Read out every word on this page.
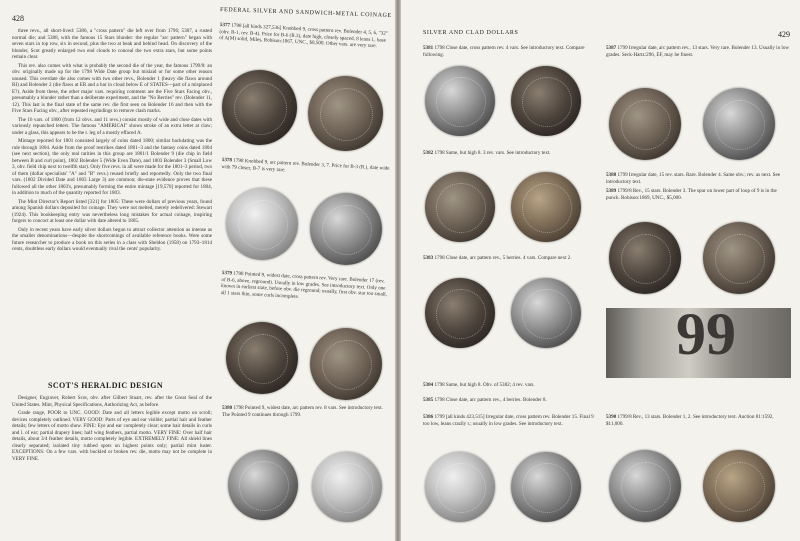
428	FEDERAL SILVER AND SANDWICH-METAL COINAGE

three revs., all short-lived: 5386, a "cross pattern" die left over from 1796; 5387, a rusted normal die; and 5388, with the famous 15 Stars blunder: the regular "arc pattern" began with seven stars in top row, six in second, plus the two at beak and behind head. On discovery of the blunder, Scot greatly enlarged two end clouds to conceal the two extra stars, but some points remain clear.

This rev. also comes with what is probably the second die of the year, the famous 1799/8: an obv. originally made up for the 1798 Wide Date group but mislaid or for some other reason unused. This overdate die also comes with two other revs., Bolender 1 (heavy die flaws around RI) and Bolender 2 (die flaws at ER and a bar in cloud below E of STATES—part of a misplaced E?). Aside from these, the other major vars. requiring comment are the Five Stars Facing obv., presumably a blunder rather than a deliberate experiment, and the "No Berries" rev. (Bolender 11, 12). This last is the final state of the same rev. die first seen on Bolender 16 and then with the Five Stars Facing obv., after repeated regrindings to remove clash marks.

The 16 vars. of 1800 (from 12 obvs. and 11 revs.) consist mostly of wide and close dates with variously repunched letters. The famous "AMERICAI" shows stroke of an extra letter at claw; under a glass, this appears to be the r. leg of a mostly effaced A.

Mintage reported for 1801 consisted largely of coins dated 1800; similar backdating was the rule through 1804. Aside from the proof restrikes dated 1801–3 and the fantasy coins dated 1804 (see next section), the only real rarities in this group are 1801/1 Bolender 9 (die chip in field between B and curl point), 1802 Bolender 5 (Wide Even Date), and 1803 Bolender 3 (Small Low 3, obv. field chip next to twelfth star). Only five revs. in all were made for the 1801–3 period, two of them (dollar specialists' "A" and "B" revs.) reused briefly and reportedly. Only the two final vars. (1802 Divided Date and 1803 Large 3) are common; die-state evidence proves that these followed all the other 1803's, presumably forming the entire mintage [19,570] reported for 1804, in addition to much of the quantity reported for 1803.

The Mint Director's Report listed [321] for 1805: These were dollars of previous years, found among Spanish dollars deposited for coinage. They were not melted, merely redelivered: Stewart (1924). This bookkeeping entry was nevertheless long mistakes for actual coinage, inspiring forgers to concoct at least one dollar with date altered to 1805.

Only in recent years have early silver dollars begun to attract collector attention as intense as the smaller denominations—despite the shortcomings of available reference books. Were some future researcher to produce a book on this series in a class with Sheldon (1958) on 1793–1814 cents, doubtless early dollars would eventually rival the cents' popularity.

SCOT'S HERALDIC DESIGN

Designer, Engraver, Robert Scot, obv. after Gilbert Stuart, rev. after the Great Seal of the United States. Mint, Physical Specifications, Authorizing Act, as before.

Grade range, POOR to UNC. GOOD: Date and all letters legible except motto on scroll; devices completely outlined. VERY GOOD: Parts of eye and ear visible; partial hair and feather details; few letters of motto show. FINE: Eye and ear completely clear; some hair details in curls and l. of ear; partial drapery lines; half wing feathers, partial motto. VERY FINE: Over half hair details, about 3/4 feather details, motto completely legible. EXTREMELY FINE: All shield lines clearly separated; isolated tiny rubbed spots on highest points only; partial mint luster. EXCEPTIONS: On a few vars. with buckled or broken rev. die, motto may not be complete in VERY FINE.

5377 1798 [all kinds 327,536] Knobbed 9, cross pattern rev. Bolender 4, 5, 6, "32" (obv. B-1, rev. B-4). Price for B-6 (R.3), date high, closely spaced, 8 leans l., base of A(M) solid, Miles, Robison:1867, UNC., $8,500. Other vars. are very rare.
5378 1798 Knobbed 9, arc pattern rev. Bolender 3, 7. Price for B-3 (R.), date wide with 79 closer, B-7 is very rare.
5379 1798 Pointed 9, widest date, cross pattern rev. Very rare. Bolender 17 (rev. of B-6, above, reground). Usually in low grades. See introductory text. Only one known in earliest state, before obv. die reground; usually, first obv. star too small, all 1 stars thin, some curls incomplete.
5380 1798 Pointed 9, widest date, arc pattern rev. 8 vars. See introductory text. The Pointed 9 continues through 1799.
SILVER AND CLAD DOLLARS	429
5381 1798 Close date, cross pattern rev. 4 vars. See introductory text. Compare following.
5382 1798 Same, but high 8. 3 rev. vars. See introductory text.
5383 1798 Close date, arc pattern rev., 5 berries. 4 vars. Compare next 2.
5384 1798 Same, but high 8. Obv. of 5382; 4 rev. vars.
5385 1798 Close date, arc pattern rev., 4 berries. Bolender 8.
5386 1799 [all kinds 423,515] Irregular date, cross pattern rev. Bolender 15. Final 9 too low, leans crazily r.; usually in low grades. See introductory text.
5387 1799 Irregular date, arc pattern rev., 13 stars. Very rare. Bolender 13. Usually in low grades. Seck-Hartz:296, EF, may be finest.
5388 1799 Irregular date, 15 rev. stars. Rare. Bolender 4. Same obv.; rev. as next. See introductory text.
5389 1799/8 Rev., 15 stars. Bolender 3. The spur on lower part of loop of 9 is in the punch. Robison:1869, UNC., $5,000.
99
5390 1799/8 Rev., 13 stars. Bolender 1, 2. See introductory text. Auction 81:1592, $11,000.
